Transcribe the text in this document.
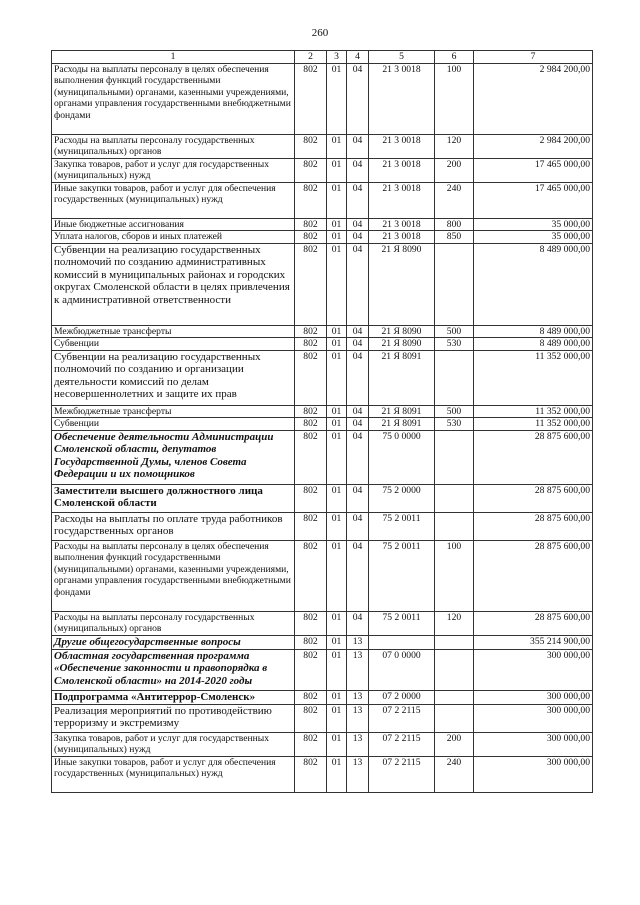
260
1	2	3	4	5	6	7
Расходы на выплаты персоналу в целях обеспечения выполнения функций государственными (муниципальными) органами, казенными учреждениями, органами управления государственными внебюджетными фондами	802	01	04	21 3 0018	100	2 984 200,00
Расходы на выплаты персоналу государственных (муниципальных) органов	802	01	04	21 3 0018	120	2 984 200,00
Закупка товаров, работ и услуг для государственных (муниципальных) нужд	802	01	04	21 3 0018	200	17 465 000,00
Иные закупки товаров, работ и услуг для обеспечения государственных (муниципальных) нужд	802	01	04	21 3 0018	240	17 465 000,00
Иные бюджетные ассигнования	802	01	04	21 3 0018	800	35 000,00
Уплата налогов, сборов и иных платежей	802	01	04	21 3 0018	850	35 000,00
Субвенции на реализацию государственных полномочий по созданию административных комиссий в муниципальных районах и городских округах Смоленской области в целях привлечения к административной ответственности	802	01	04	21 Я 8090		8 489 000,00
Межбюджетные трансферты	802	01	04	21 Я 8090	500	8 489 000,00
Субвенции	802	01	04	21 Я 8090	530	8 489 000,00
Субвенции на реализацию государственных полномочий по созданию и организации деятельности комиссий по делам несовершеннолетних и защите их прав	802	01	04	21 Я 8091		11 352 000,00
Межбюджетные трансферты	802	01	04	21 Я 8091	500	11 352 000,00
Субвенции	802	01	04	21 Я 8091	530	11 352 000,00
Обеспечение деятельности Администрации Смоленской области, депутатов Государственной Думы, членов Совета Федерации и их помощников	802	01	04	75 0 0000		28 875 600,00
Заместители высшего должностного лица Смоленской области	802	01	04	75 2 0000		28 875 600,00
Расходы на выплаты по оплате труда работников государственных органов	802	01	04	75 2 0011		28 875 600,00
Расходы на выплаты персоналу в целях обеспечения выполнения функций государственными (муниципальными) органами, казенными учреждениями, органами управления государственными внебюджетными фондами	802	01	04	75 2 0011	100	28 875 600,00
Расходы на выплаты персоналу государственных (муниципальных) органов	802	01	04	75 2 0011	120	28 875 600,00
Другие общегосударственные вопросы	802	01	13			355 214 900,00
Областная государственная программа «Обеспечение законности и правопорядка в Смоленской области» на 2014-2020 годы	802	01	13	07 0 0000		300 000,00
Подпрограмма «Антитеррор-Смоленск»	802	01	13	07 2 0000		300 000,00
Реализация мероприятий по противодействию терроризму и экстремизму	802	01	13	07 2 2115		300 000,00
Закупка товаров, работ и услуг для государственных (муниципальных) нужд	802	01	13	07 2 2115	200	300 000,00
Иные закупки товаров, работ и услуг для обеспечения государственных (муниципальных) нужд	802	01	13	07 2 2115	240	300 000,00
